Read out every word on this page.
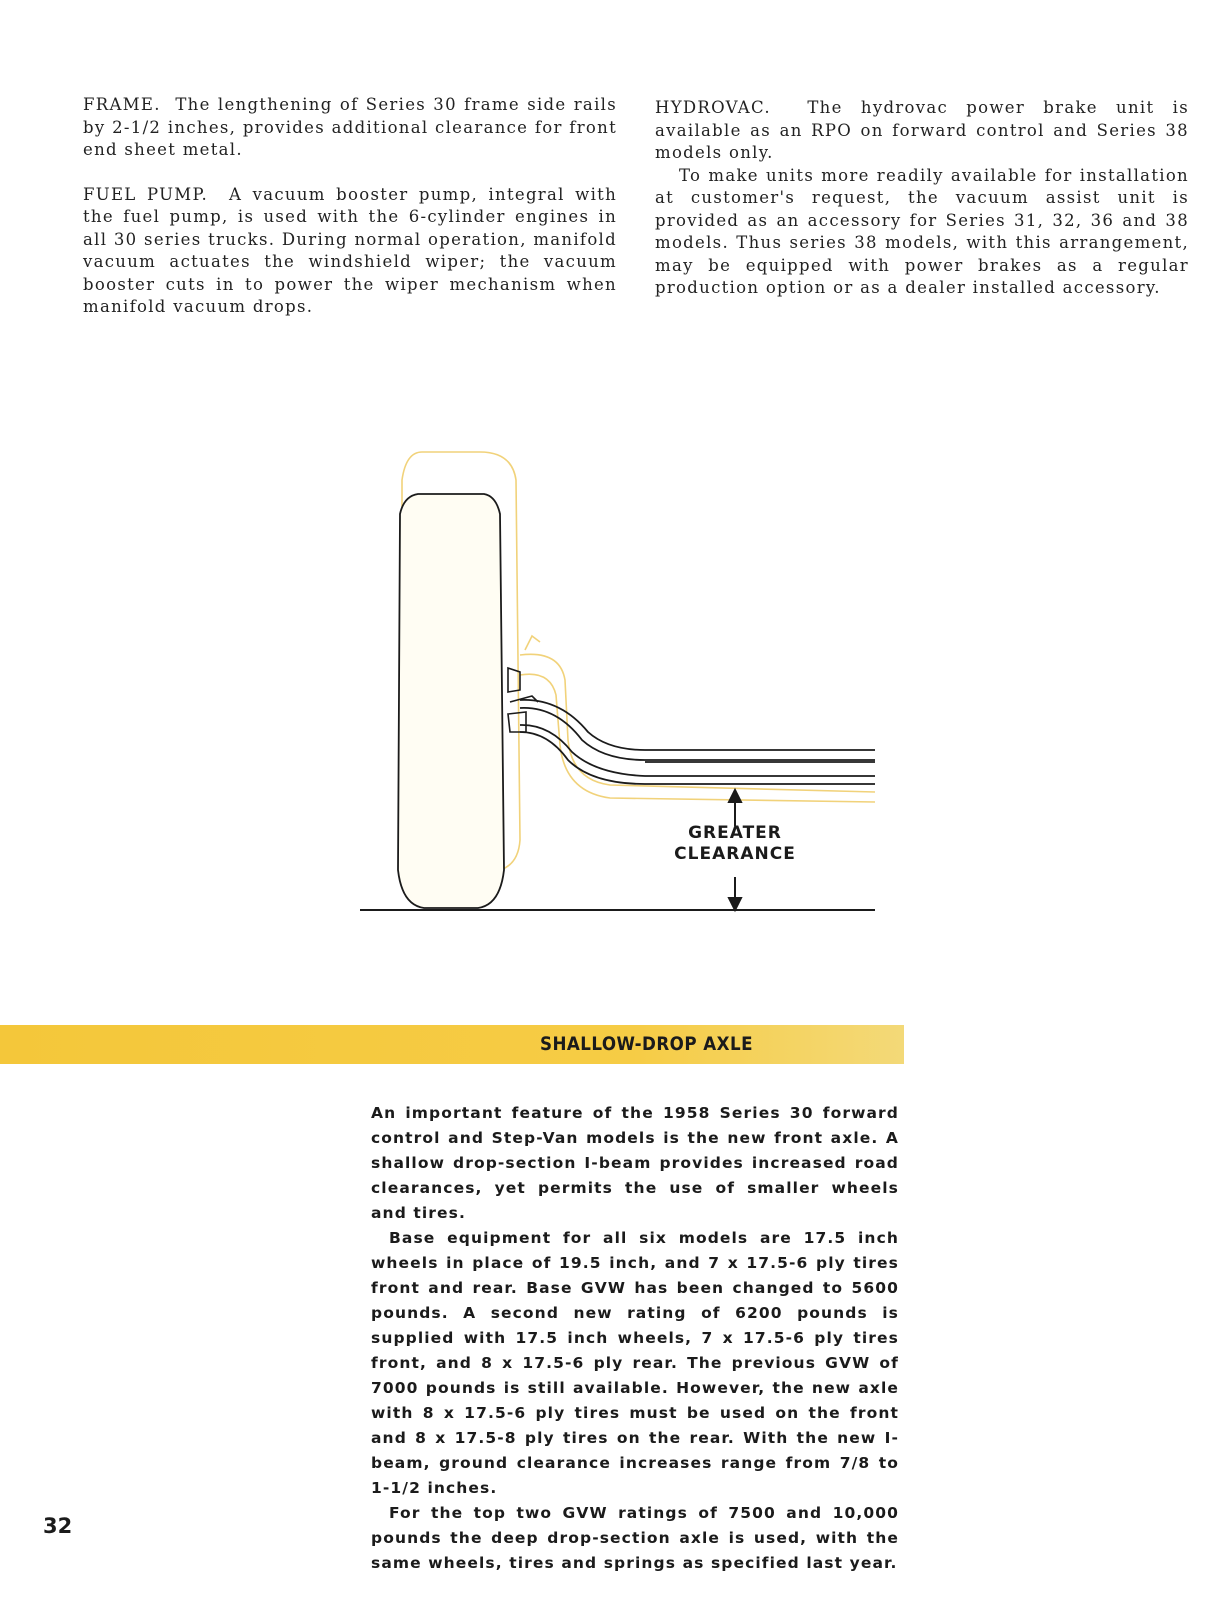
FRAME. The lengthening of Series 30 frame side rails by 2-1/2 inches, provides additional clearance for front end sheet metal.

FUEL PUMP. A vacuum booster pump, integral with the fuel pump, is used with the 6-cylinder engines in all 30 series trucks. During normal operation, manifold vacuum actuates the windshield wiper; the vacuum booster cuts in to power the wiper mechanism when manifold vacuum drops.

HYDROVAC. The hydrovac power brake unit is available as an RPO on forward control and Series 38 models only.

To make units more readily available for installation at customer's request, the vacuum assist unit is provided as an accessory for Series 31, 32, 36 and 38 models. Thus series 38 models, with this arrangement, may be equipped with power brakes as a regular production option or as a dealer installed accessory.

GREATER
CLEARANCE
SHALLOW-DROP AXLE

An important feature of the 1958 Series 30 forward control and Step-Van models is the new front axle. A shallow drop-section I-beam provides increased road clearances, yet permits the use of smaller wheels and tires.

Base equipment for all six models are 17.5 inch wheels in place of 19.5 inch, and 7 x 17.5-6 ply tires front and rear. Base GVW has been changed to 5600 pounds. A second new rating of 6200 pounds is supplied with 17.5 inch wheels, 7 x 17.5-6 ply tires front, and 8 x 17.5-6 ply rear. The previous GVW of 7000 pounds is still available. However, the new axle with 8 x 17.5-6 ply tires must be used on the front and 8 x 17.5-8 ply tires on the rear. With the new I-beam, ground clearance increases range from 7/8 to 1-1/2 inches.

For the top two GVW ratings of 7500 and 10,000 pounds the deep drop-section axle is used, with the same wheels, tires and springs as specified last year.

32
